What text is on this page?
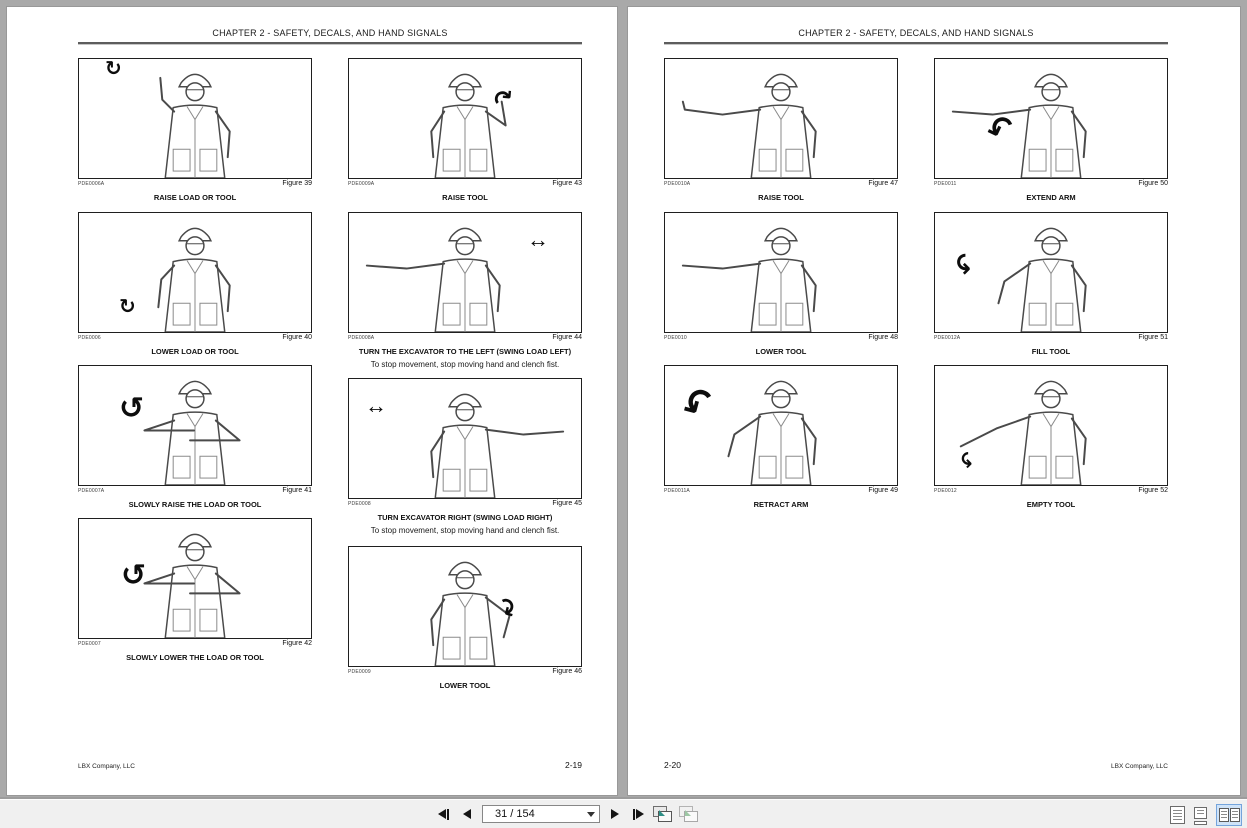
CHAPTER 2 - SAFETY, DECALS, AND HAND SIGNALS
↻
PDE0006A	Figure 39
RAISE LOAD OR TOOL
↻
PDE0006	Figure 40
LOWER LOAD OR TOOL
↺
PDE0007A	Figure 41
SLOWLY RAISE THE LOAD OR TOOL
↺
PDE0007	Figure 42
SLOWLY LOWER THE LOAD OR TOOL
↷
PDE0009A	Figure 43
RAISE TOOL
↔
PDE0008A	Figure 44
TURN THE EXCAVATOR TO THE LEFT (SWING LOAD LEFT)
To stop movement, stop moving hand and clench fist.
↔
PDE0008	Figure 45
TURN EXCAVATOR RIGHT (SWING LOAD RIGHT)
To stop movement, stop moving hand and clench fist.
↷
PDE0009	Figure 46
LOWER TOOL
LBX Company, LLC	2-19
CHAPTER 2 - SAFETY, DECALS, AND HAND SIGNALS
PDE0010A	Figure 47
RAISE TOOL
PDE0010	Figure 48
LOWER TOOL
↶
PDE0011A	Figure 49
RETRACT ARM
↶
PDE0011	Figure 50
EXTEND ARM
↶
PDE0012A	Figure 51
FILL TOOL
↶
PDE0012	Figure 52
EMPTY TOOL
2-20	LBX Company, LLC
31 / 154
